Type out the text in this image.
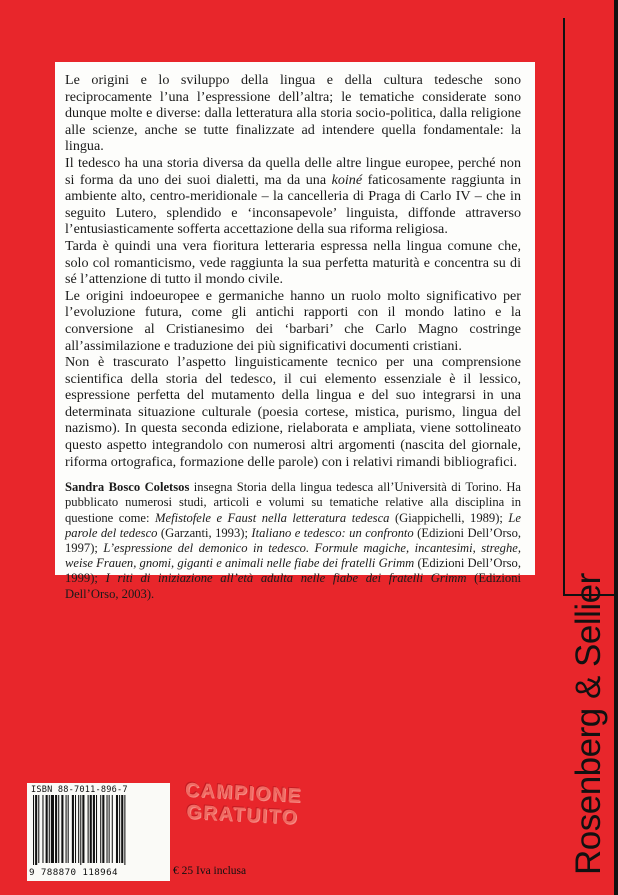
Le origini e lo sviluppo della lingua e della cultura tedesche sono reciprocamente l’una l’espressione dell’altra; le tematiche considerate sono dunque molte e diverse: dalla letteratura alla storia socio-politica, dalla religione alle scienze, anche se tutte finalizzate ad intendere quella fondamentale: la lingua.

Il tedesco ha una storia diversa da quella delle altre lingue europee, perché non si forma da uno dei suoi dialetti, ma da una koiné faticosamente raggiunta in ambiente alto, centro-meridionale – la cancelleria di Praga di Carlo IV – che in seguito Lutero, splendido e ‘inconsapevole’ linguista, diffonde attraverso l’entusiasticamente sofferta accettazione della sua riforma religiosa.

Tarda è quindi una vera fioritura letteraria espressa nella lingua comune che, solo col romanticismo, vede raggiunta la sua perfetta maturità e concentra su di sé l’attenzione di tutto il mondo civile.

Le origini indoeuropee e germaniche hanno un ruolo molto significativo per l’evoluzione futura, come gli antichi rapporti con il mondo latino e la conversione al Cristianesimo dei ‘barbari’ che Carlo Magno costringe all’assimilazione e traduzione dei più significativi documenti cristiani.

Non è trascurato l’aspetto linguisticamente tecnico per una comprensione scientifica della storia del tedesco, il cui elemento essenziale è il lessico, espressione perfetta del mutamento della lingua e del suo integrarsi in una determinata situazione culturale (poesia cortese, mistica, purismo, lingua del nazismo). In questa seconda edizione, rielaborata e ampliata, viene sottolineato questo aspetto integrandolo con numerosi altri argomenti (nascita del giornale, riforma ortografica, formazione delle parole) con i relativi rimandi bibliografici.

Sandra Bosco Coletsos insegna Storia della lingua tedesca all’Università di Torino. Ha pubblicato numerosi studi, articoli e volumi su tematiche relative alla disciplina in questione come: Mefistofele e Faust nella letteratura tedesca (Giappichelli, 1989); Le parole del tedesco (Garzanti, 1993); Italiano e tedesco: un confronto (Edizioni Dell’Orso, 1997); L’espressione del demonico in tedesco. Formule magiche, incantesimi, streghe, weise Frauen, gnomi, giganti e animali nelle fiabe dei fratelli Grimm (Edizioni Dell’Orso, 1999); I riti di iniziazione all’età adulta nelle fiabe dei fratelli Grimm (Edizioni Dell’Orso, 2003).	Rosenberg & Sellier
ISBN 88-7011-896-7
9 788870 118964
CAMPIONE
GRATUITO
€ 25 Iva inclusa
